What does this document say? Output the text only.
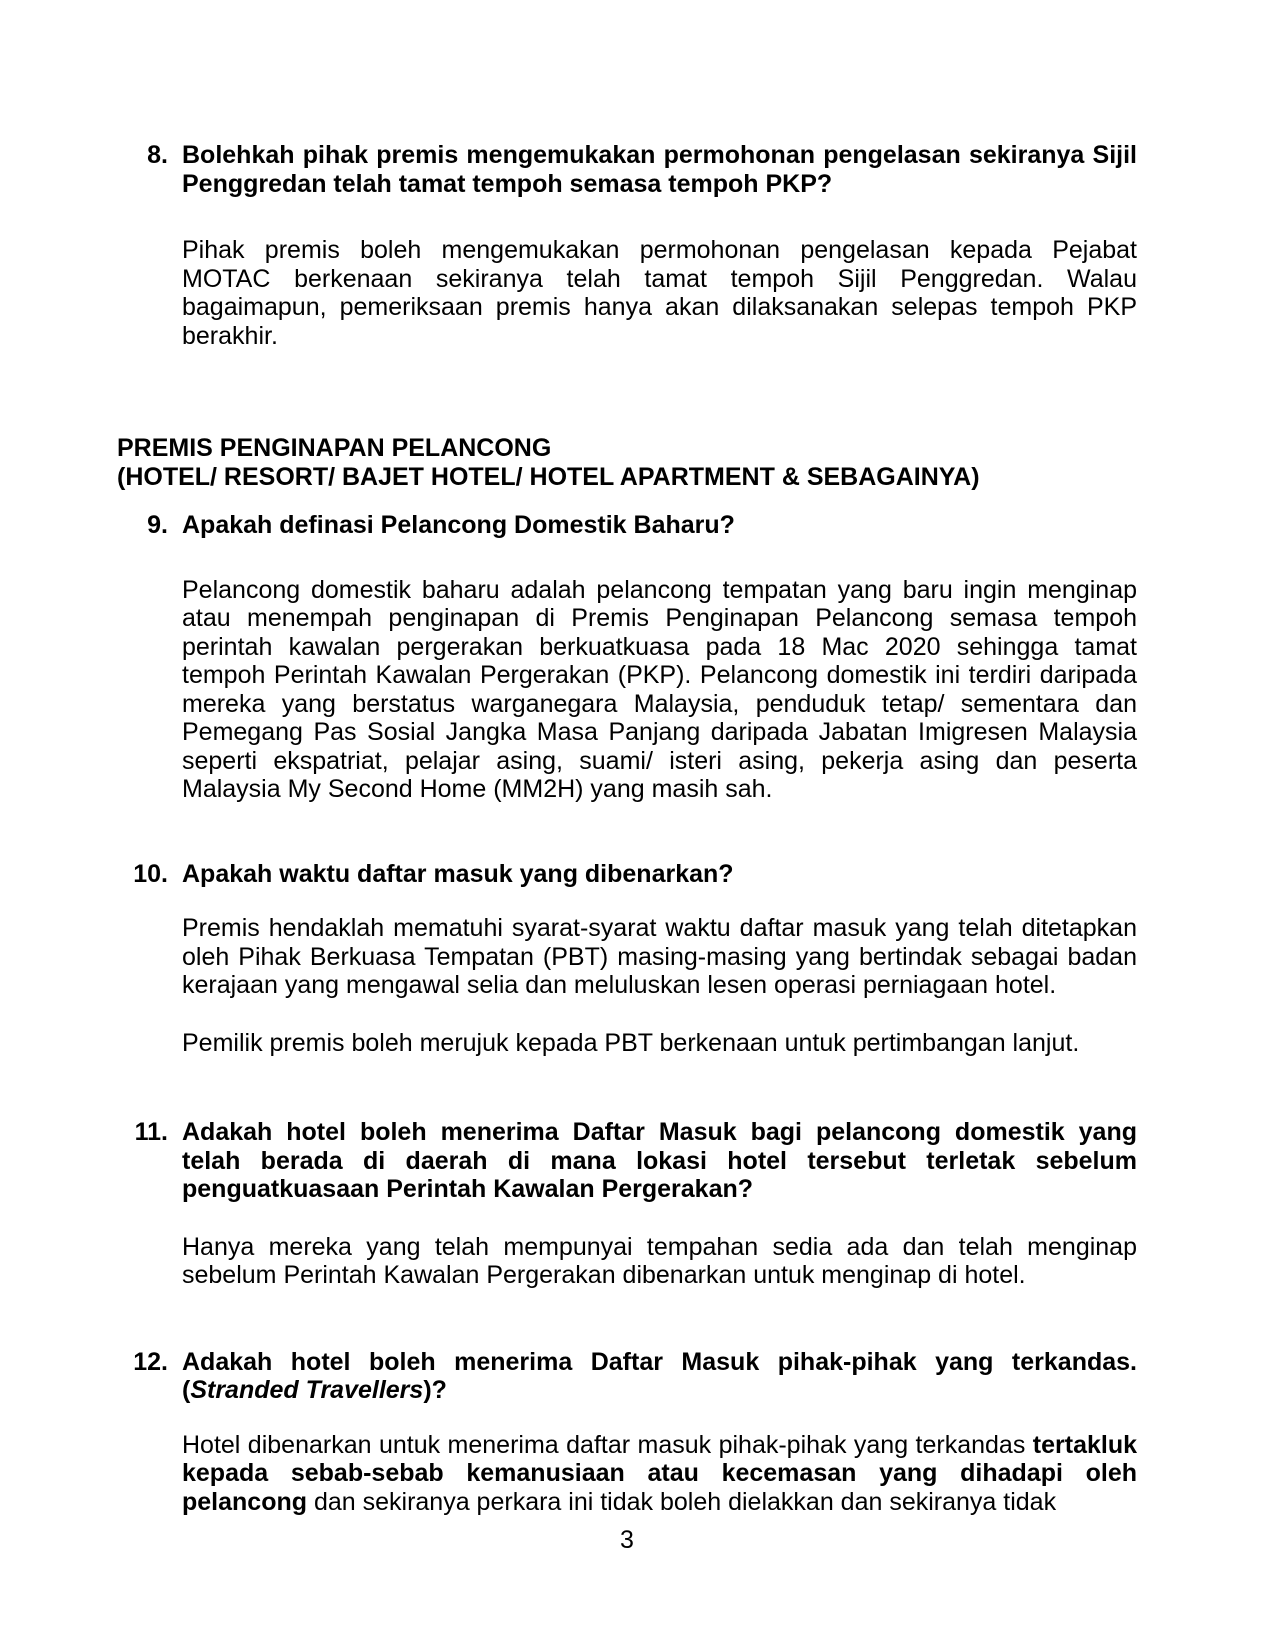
8. Bolehkah pihak premis mengemukakan permohonan pengelasan sekiranya Sijil Penggredan telah tamat tempoh semasa tempoh PKP?

Pihak premis boleh mengemukakan permohonan pengelasan kepada Pejabat MOTAC berkenaan sekiranya telah tamat tempoh Sijil Penggredan. Walau bagaimapun, pemeriksaan premis hanya akan dilaksanakan selepas tempoh PKP berakhir.

PREMIS PENGINAPAN PELANCONG

(HOTEL/ RESORT/ BAJET HOTEL/ HOTEL APARTMENT & SEBAGAINYA)

9. Apakah definasi Pelancong Domestik Baharu?

Pelancong domestik baharu adalah pelancong tempatan yang baru ingin menginap atau menempah penginapan di Premis Penginapan Pelancong semasa tempoh perintah kawalan pergerakan berkuatkuasa pada 18 Mac 2020 sehingga tamat tempoh Perintah Kawalan Pergerakan (PKP). Pelancong domestik ini terdiri daripada mereka yang berstatus warganegara Malaysia, penduduk tetap/ sementara dan Pemegang Pas Sosial Jangka Masa Panjang daripada Jabatan Imigresen Malaysia seperti ekspatriat, pelajar asing, suami/ isteri asing, pekerja asing dan peserta Malaysia My Second Home (MM2H) yang masih sah.

10. Apakah waktu daftar masuk yang dibenarkan?

Premis hendaklah mematuhi syarat-syarat waktu daftar masuk yang telah ditetapkan oleh Pihak Berkuasa Tempatan (PBT) masing-masing yang bertindak sebagai badan kerajaan yang mengawal selia dan meluluskan lesen operasi perniagaan hotel.

Pemilik premis boleh merujuk kepada PBT berkenaan untuk pertimbangan lanjut.

11. Adakah hotel boleh menerima Daftar Masuk bagi pelancong domestik yang telah berada di daerah di mana lokasi hotel tersebut terletak sebelum penguatkuasaan Perintah Kawalan Pergerakan?

Hanya mereka yang telah mempunyai tempahan sedia ada dan telah menginap sebelum Perintah Kawalan Pergerakan dibenarkan untuk menginap di hotel.

12. Adakah hotel boleh menerima Daftar Masuk pihak-pihak yang terkandas. (Stranded Travellers)?

Hotel dibenarkan untuk menerima daftar masuk pihak-pihak yang terkandas tertakluk kepada sebab-sebab kemanusiaan atau kecemasan yang dihadapi oleh pelancong dan sekiranya perkara ini tidak boleh dielakkan dan sekiranya tidak

3
